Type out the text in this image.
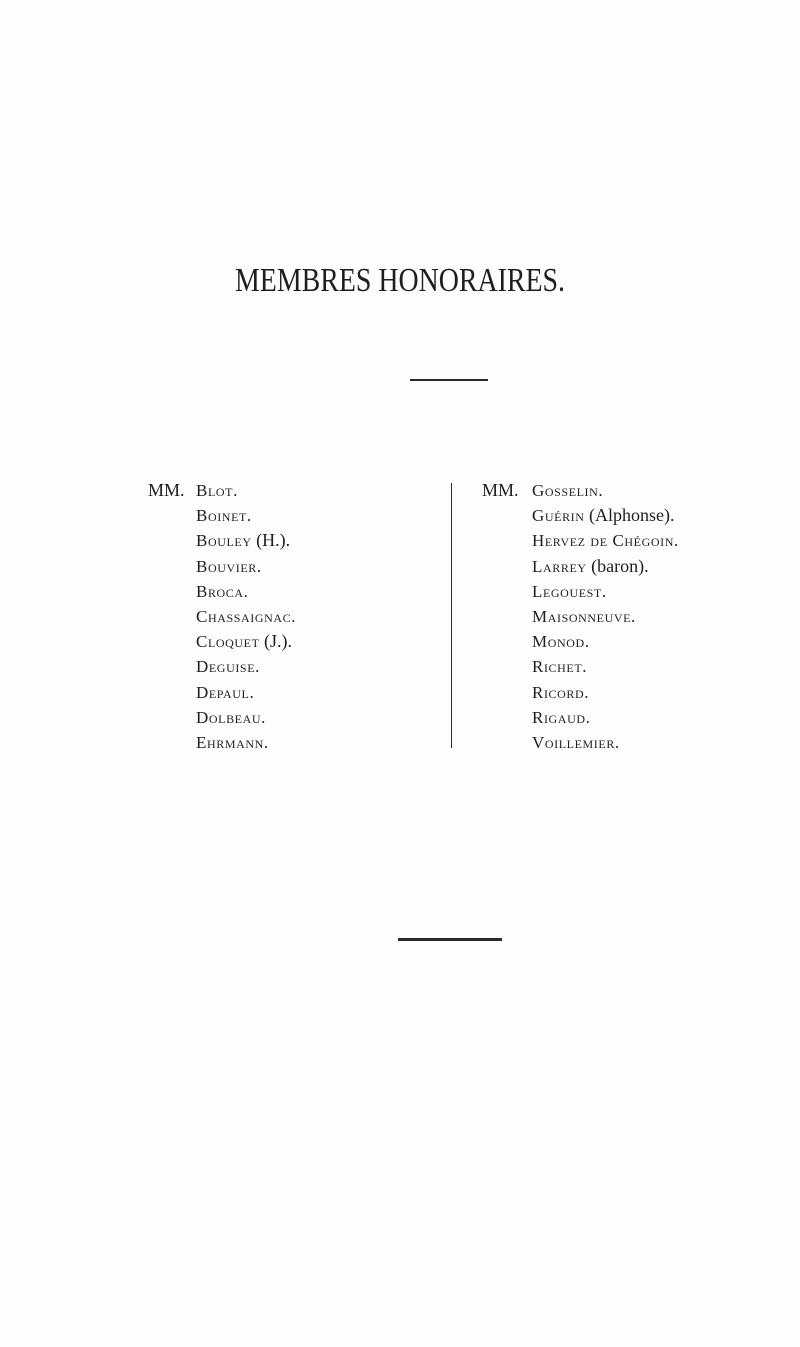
MEMBRES HONORAIRES.
MM. Blot.
Boinet.
Bouley (H.).
Bouvier.
Broca.
Chassaignac.
Cloquet (J.).
Deguise.
Depaul.
Dolbeau.
Ehrmann.
MM. Gosselin.
Guérin (Alphonse).
Hervez de Chégoin.
Larrey (baron).
Legouest.
Maisonneuve.
Monod.
Richet.
Ricord.
Rigaud.
Voillemier.
